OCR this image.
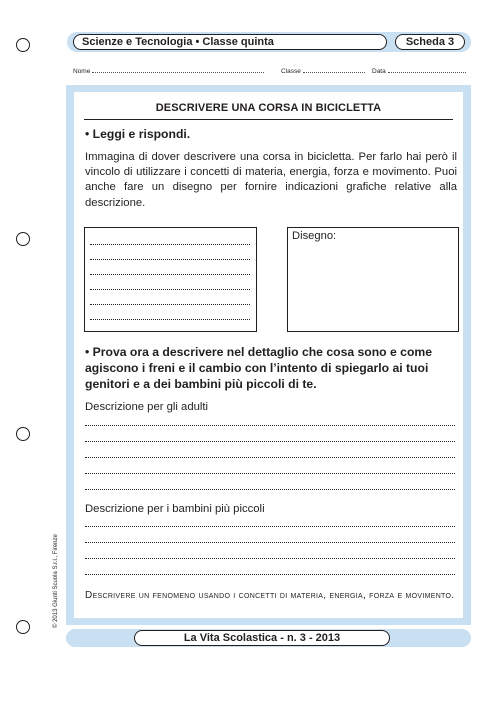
Scienze e Tecnologia • Classe quinta	Scheda 3
Nome	Classe	Data
DESCRIVERE UNA CORSA IN BICICLETTA
• Leggi e rispondi.
Immagina di dover descrivere una corsa in bicicletta. Per farlo hai però il vincolo di utilizzare i concetti di materia, energia, forza e movimento. Puoi anche fare un disegno per fornire indicazioni grafiche relative alla descrizione.
Disegno:
• Prova ora a descrivere nel dettaglio che cosa sono e come agiscono i freni e il cambio con l’intento di spiegarlo ai tuoi genitori e a dei bambini più piccoli di te.
Descrizione per gli adulti
Descrizione per i bambini più piccoli
Descrivere un fenomeno usando i concetti di materia, energia, forza e movimento.
© 2013 Giunti Scuola S.r.l., Firenze
La Vita Scolastica - n. 3 - 2013
